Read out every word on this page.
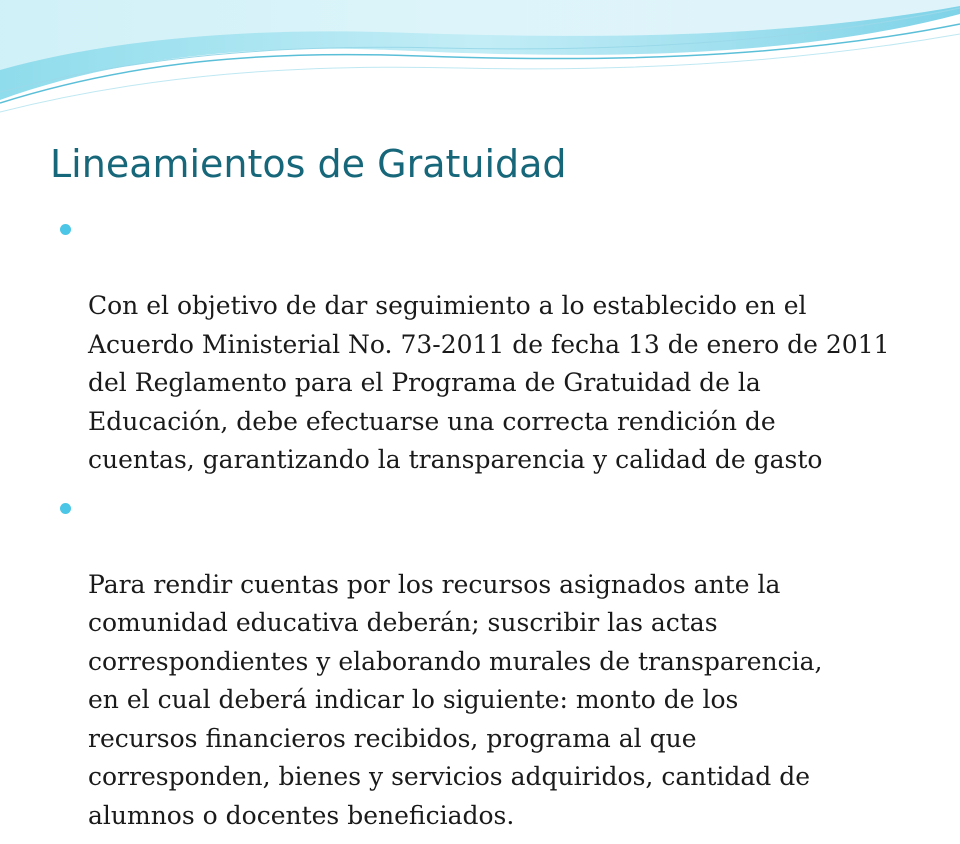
Lineamientos de Gratuidad

Con el objetivo de dar seguimiento a lo establecido en el
Acuerdo Ministerial No. 73-2011 de fecha 13 de enero de 2011
del Reglamento para el Programa de Gratuidad de la
Educación, debe efectuarse una correcta rendición de
cuentas, garantizando la transparencia y calidad de gasto

Para rendir cuentas por los recursos asignados ante la
comunidad educativa deberán; suscribir las actas
correspondientes y elaborando murales de transparencia,
en el cual deberá indicar lo siguiente: monto de los
recursos financieros recibidos, programa al que
corresponden, bienes y servicios adquiridos, cantidad de
alumnos o docentes beneficiados.
